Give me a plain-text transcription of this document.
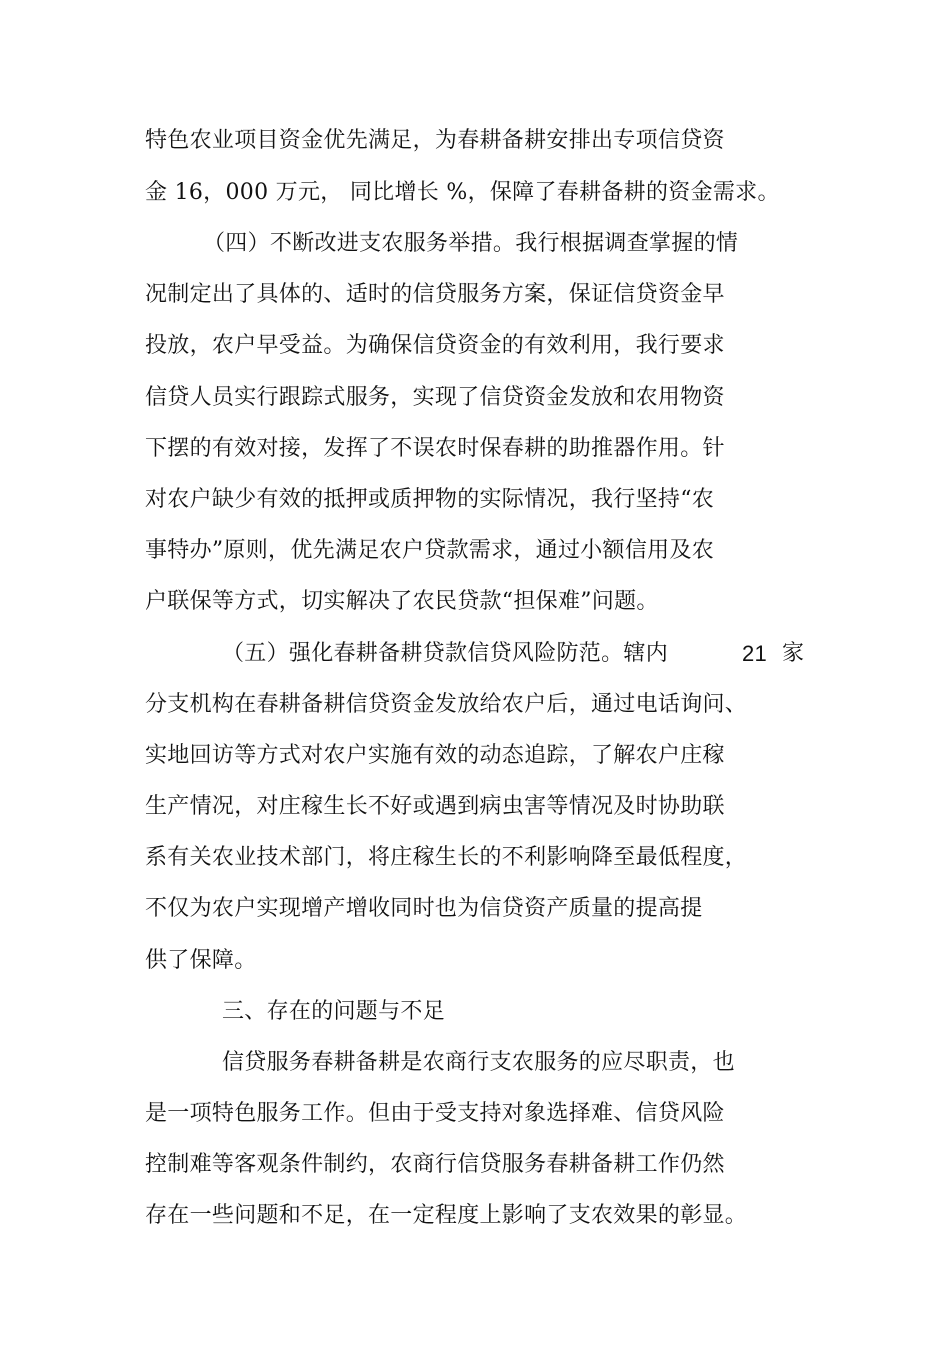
特色农业项目资金优先满足，为春耕备耕安排出专项信贷资
金 16，000 万元， 同比增长 %，保障了春耕备耕的资金需求。
（四）不断改进支农服务举措。我行根据调查掌握的情
况制定出了具体的、适时的信贷服务方案，保证信贷资金早
投放，农户早受益。为确保信贷资金的有效利用，我行要求
信贷人员实行跟踪式服务，实现了信贷资金发放和农用物资
下摆的有效对接，发挥了不误农时保春耕的助推器作用。针
对农户缺少有效的抵押或质押物的实际情况，我行坚持“农
事特办”原则，优先满足农户贷款需求，通过小额信用及农
户联保等方式，切实解决了农民贷款“担保难”问题。
（五）强化春耕备耕贷款信贷风险防范。辖内	21 家
分支机构在春耕备耕信贷资金发放给农户后，通过电话询问、
实地回访等方式对农户实施有效的动态追踪，了解农户庄稼
生产情况，对庄稼生长不好或遇到病虫害等情况及时协助联
系有关农业技术部门，将庄稼生长的不利影响降至最低程度，
不仅为农户实现增产增收同时也为信贷资产质量的提高提
供了保障。
三、存在的问题与不足
信贷服务春耕备耕是农商行支农服务的应尽职责，也
是一项特色服务工作。但由于受支持对象选择难、信贷风险
控制难等客观条件制约，农商行信贷服务春耕备耕工作仍然
存在一些问题和不足，在一定程度上影响了支农效果的彰显。
